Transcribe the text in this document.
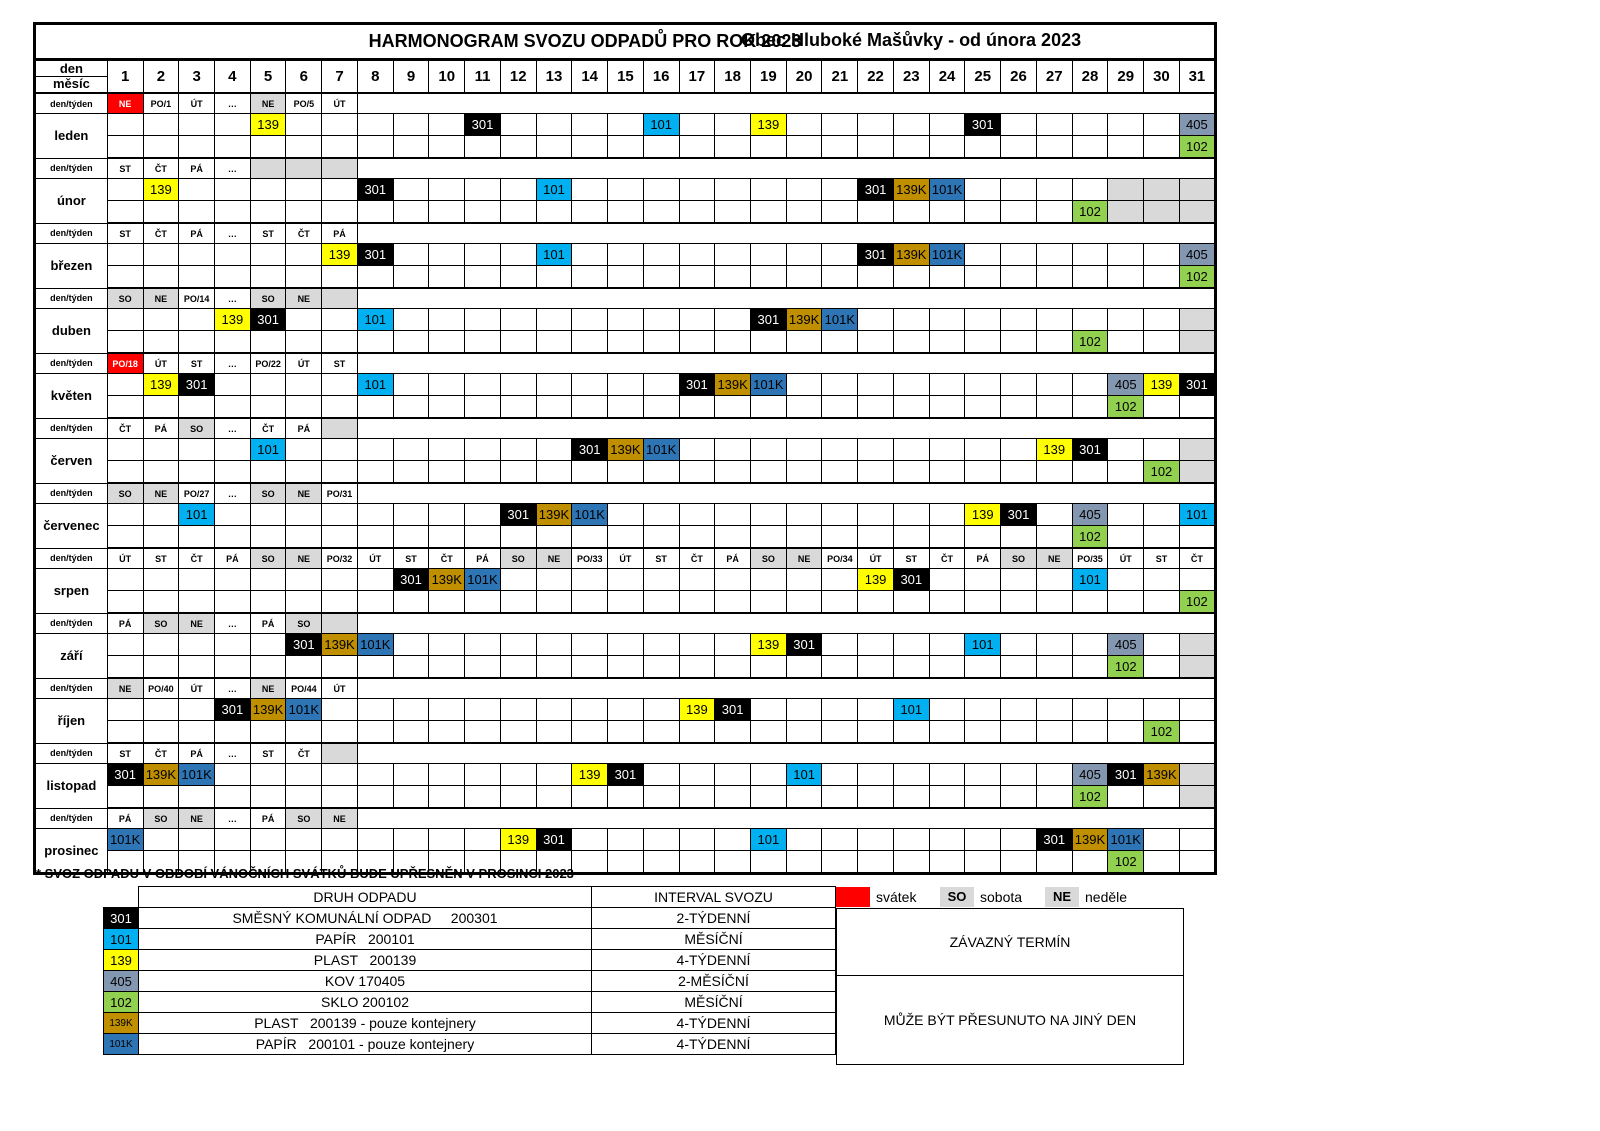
HARMONOGRAM SVOZU ODPADŮ PRO ROK 2023
Obec Hluboké Mašůvky - od února 2023																															

den
měsíc	1	2	3	4	5	6	7	8	9	10	11	12	13	14	15	16	17	18	19	20	21	22	23	24	25	26	27	28	29	30	31
den/týden	NE	PO/1	ÚT	…	NE	PO/5	ÚT																								
leden					139						301					101			139						301						405
																															102
den/týden	ST	ČT	PÁ	…																											
únor		139						301					101									301	139K	101K							
																												102			
den/týden	ST	ČT	PÁ	…	ST	ČT	PÁ																								
březen							139	301					101									301	139K	101K							405
																															102
den/týden	SO	NE	PO/14	…	SO	NE																									
duben				139	301			101											301	139K	101K										
																												102			
den/týden	PO/18	ÚT	ST	…	PO/22	ÚT	ST																								
květen		139	301					101									301	139K	101K										405	139	301
																													102		
den/týden	ČT	PÁ	SO	…	ČT	PÁ																									
červen					101									301	139K	101K											139	301			
																														102	
den/týden	SO	NE	PO/27	…	SO	NE	PO/31																								
červenec			101									301	139K	101K											139	301		405			101
																												102			
den/týden	ÚT	ST	ČT	PÁ	SO	NE	PO/32	ÚT	ST	ČT	PÁ	SO	NE	PO/33	ÚT	ST	ČT	PÁ	SO	NE	PO/34	ÚT	ST	ČT	PÁ	SO	NE	PO/35	ÚT	ST	ČT
srpen									301	139K	101K											139	301					101			
																															102
den/týden	PÁ	SO	NE	…	PÁ	SO																									
září						301	139K	101K											139	301					101				405		
																													102		
den/týden	NE	PO/40	ÚT	…	NE	PO/44	ÚT																								
říjen				301	139K	101K											139	301					101								
																														102	
den/týden	ST	ČT	PÁ	…	ST	ČT																									
listopad	301	139K	101K											139	301					101								405	301	139K	
																												102			
den/týden	PÁ	SO	NE	…	PÁ	SO	NE																								
prosinec	101K											139	301						101								301	139K	101K		
																													102		
* SVOZ ODPADU V OBDOBÍ VÁNOČNÍCH SVÁTKŮ BUDE UPŘESNĚN V PROSINCI 2023
	DRUH ODPADU	INTERVAL SVOZU
301	SMĚSNÝ KOMUNÁLNÍ ODPAD     200301	2-TÝDENNÍ
101	PAPÍR   200101	MĚSÍČNÍ
139	PLAST   200139	4-TÝDENNÍ
405	KOV 170405	2-MĚSÍČNÍ
102	SKLO 200102	MĚSÍČNÍ
139K	PLAST   200139 - pouze kontejnery	4-TÝDENNÍ
101K	PAPÍR   200101 - pouze kontejnery	4-TÝDENNÍ
svátek	SO sobota	NE neděle
ZÁVAZNÝ TERMÍN
MŮŽE BÝT PŘESUNUTO NA JINÝ DEN
